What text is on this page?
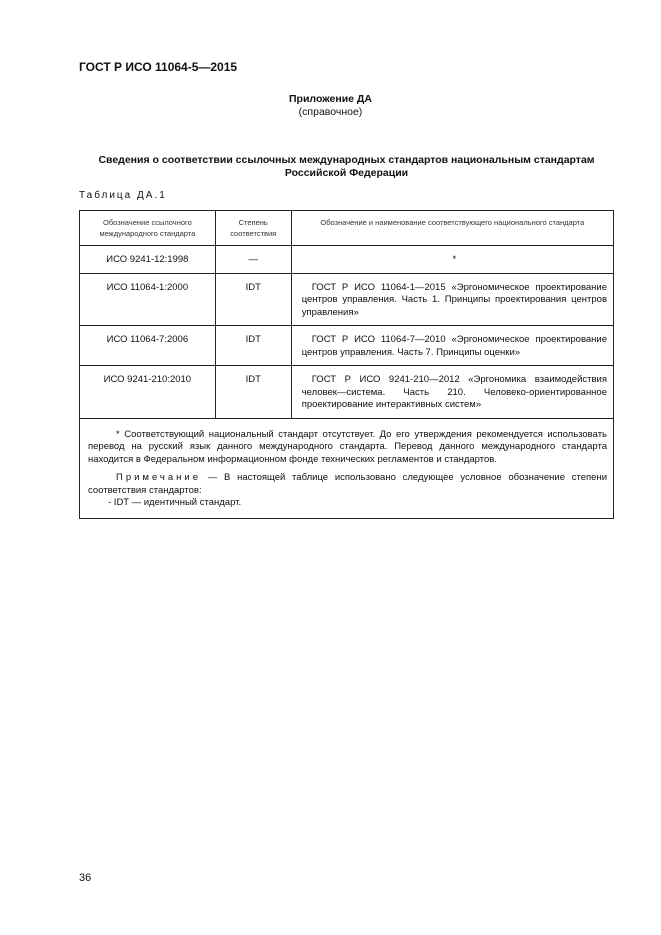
ГОСТ Р ИСО 11064-5—2015
Приложение ДА
(справочное)
Сведения о соответствии ссылочных международных стандартов национальным стандартам Российской Федерации
Таблица ДА.1
Обозначение ссылочного международного стандарта	Степень соответствия	Обозначение и наименование соответствующего национального стандарта
ИСО 9241-12:1998	—	*
ИСО 11064-1:2000	IDT	ГОСТ Р ИСО 11064-1—2015 «Эргономическое проектирование центров управления. Часть 1. Принципы проектирования центров управления»

ИСО 11064-7:2006	IDT	ГОСТ Р ИСО 11064-7—2010 «Эргономическое проектирование центров управления. Часть 7. Принципы оценки»

ИСО 9241-210:2010	IDT	ГОСТ Р ИСО 9241-210—2012 «Эргономика взаимодействия человек—система. Часть 210. Человеко-ориентированное проектирование интерактивных систем»

* Соответствующий национальный стандарт отсутствует. До его утверждения рекомендуется использовать перевод на русский язык данного международного стандарта. Перевод данного международного стандарта находится в Федеральном информационном фонде технических регламентов и стандартов.
Примечание — В настоящей таблице использовано следующее условное обозначение степени соответствия стандартов:
- IDT — идентичный стандарт.		
36
